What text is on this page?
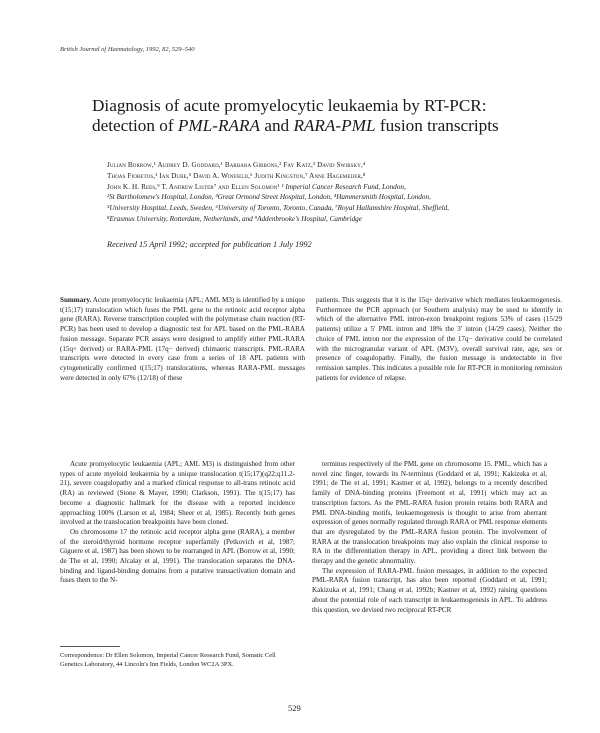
British Journal of Haematology, 1992, 82, 529–540
Diagnosis of acute promyelocytic leukaemia by RT-PCR:
detection of PML-RARA and RARA-PML fusion transcripts
Julian Borrow,¹ Audrey D. Goddard,¹ Barbara Gibbons,² Fay Katz,³ David Swirsky,⁴
Thoas Fioretos,¹ Ian Dube,⁵ David A. Winfield,⁶ Judith Kingston,⁷ Anne Hagemeijer,⁸
John K. H. Rees,⁹ T. Andrew Lister⁷ and Ellen Solomon¹ ¹ Imperial Cancer Research Fund, London,
²St Bartholomew's Hospital, London, ³Great Ormond Street Hospital, London, ⁴Hammersmith Hospital, London,
⁵University Hospital, Leeds, Sweden, ⁶University of Toronto, Toronto, Canada, ⁷Royal Hallamshire Hospital, Sheffield,
⁸Erasmus University, Rotterdam, Netherlands, and ⁹Addenbrooke's Hospital, Cambridge
Received 15 April 1992; accepted for publication 1 July 1992
Summary. Acute promyelocytic leukaemia (APL; AML M3) is identified by a unique t(15;17) translocation which fuses the PML gene to the retinoic acid receptor alpha gene (RARA). Reverse transcription coupled with the polymerase chain reaction (RT-PCR) has been used to develop a diagnostic test for APL based on the PML-RARA fusion message. Separate PCR assays were designed to amplify either PML-RARA (15q+ derived) or RARA-PML (17q− derived) chimaeric transcripts. PML-RARA transcripts were detected in every case from a series of 18 APL patients with cytogenetically confirmed t(15;17) translocations, whereas RARA-PML messages were detected in only 67% (12/18) of these
patients. This suggests that it is the 15q+ derivative which mediates leukaemogenesis. Furthermore the PCR approach (or Southern analysis) may be used to identify in which of the alternative PML intron-exon breakpoint regions 53% of cases (15/29 patients) utilize a 5′ PML intron and 18% the 3′ intron (14/29 cases). Neither the choice of PML intron nor the expression of the 17q− derivative could be correlated with the microgranular variant of APL (M3V), overall survival rate, age, sex or presence of coagulopathy. Finally, the fusion message is undetectable in five remission samples. This indicates a possible role for RT-PCR in monitoring remission patients for evidence of relapse.

Acute promyelocytic leukaemia (APL; AML M3) is distinguished from other types of acute myeloid leukaemia by a unique translocation t(15;17)(q22;q11.2-21), severe coagulopathy and a marked clinical response to all-trans retinoic acid (RA) as reviewed (Stone & Mayer, 1990; Clarkson, 1991). The t(15;17) has become a diagnostic hallmark for the disease with a reported incidence approaching 100% (Larson et al, 1984; Sheer et al, 1985). Recently both genes involved at the translocation breakpoints have been cloned.

On chromosome 17 the retinoic acid receptor alpha gene (RARA), a member of the steroid/thyroid hormone receptor superfamily (Petkovich et al, 1987; Giguere et al, 1987) has been shown to be rearranged in APL (Borrow et al, 1990; de The et al, 1990; Alcalay et al, 1991). The translocation separates the DNA-binding and ligand-binding domains from a putative transactivation domain and fuses them to the N-

terminus respectively of the PML gene on chromosome 15. PML, which has a novel zinc finger, towards its N-terminus (Goddard et al, 1991; Kakizuka et al, 1991; de The et al, 1991; Kastner et al, 1992), belongs to a recently described family of DNA-binding proteins (Freemont et al, 1991) which may act as transcription factors. As the PML-RARA fusion protein retains both RARA and PML DNA-binding motifs, leukaemogenesis is thought to arise from aberrant expression of genes normally regulated through RARA or PML response elements that are dysregulated by the PML-RARA fusion protein. The involvement of RARA at the translocation breakpoints may also explain the clinical response to RA in the differentiation therapy in APL, providing a direct link between the therapy and the genetic abnormality.

The expression of RARA-PML fusion messages, in addition to the expected PML-RARA fusion transcript, has also been reported (Goddard et al, 1991; Kakizuka et al, 1991; Chang et al, 1992b; Kastner et al, 1992) raising questions about the potential role of each transcript in leukaemogenesis in APL. To address this question, we devised two reciprocal RT-PCR

Correspondence: Dr Ellen Solomon, Imperial Cancer Research Fund, Somatic Cell Genetics Laboratory, 44 Lincoln's Inn Fields, London WC2A 3PX.
529
